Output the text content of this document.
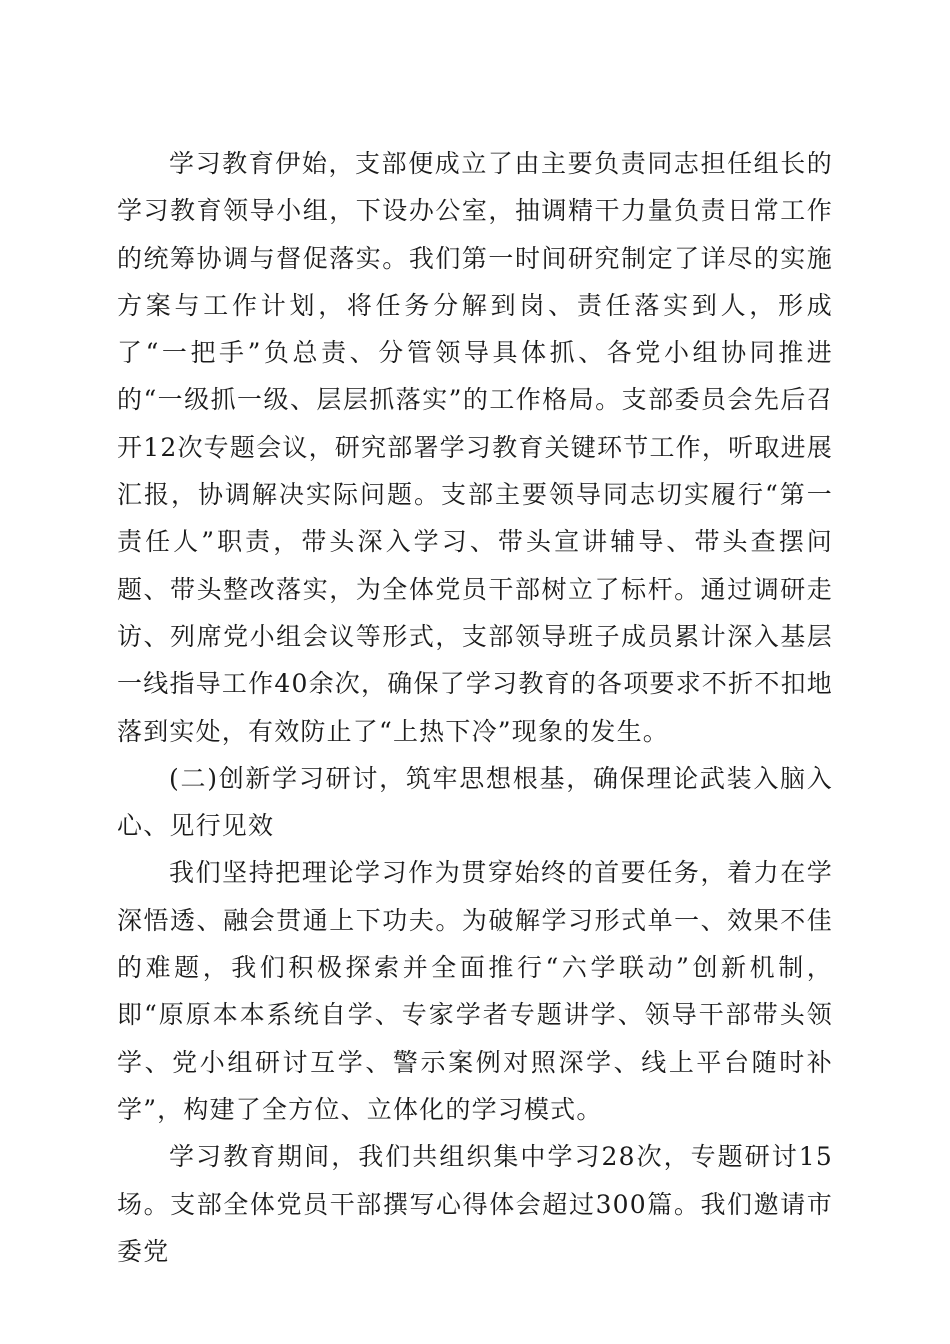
学习教育伊始，支部便成立了由主要负责同志担任组长的学习教育领导小组，下设办公室，抽调精干力量负责日常工作的统筹协调与督促落实。我们第一时间研究制定了详尽的实施方案与工作计划，将任务分解到岗、责任落实到人，形成了“一把手”负总责、分管领导具体抓、各党小组协同推进的“一级抓一级、层层抓落实”的工作格局。支部委员会先后召开12次专题会议，研究部署学习教育关键环节工作，听取进展汇报，协调解决实际问题。支部主要领导同志切实履行“第一责任人”职责，带头深入学习、带头宣讲辅导、带头查摆问题、带头整改落实，为全体党员干部树立了标杆。通过调研走访、列席党小组会议等形式，支部领导班子成员累计深入基层一线指导工作40余次，确保了学习教育的各项要求不折不扣地落到实处，有效防止了“上热下冷”现象的发生。

(二)创新学习研讨，筑牢思想根基，确保理论武装入脑入心、见行见效

我们坚持把理论学习作为贯穿始终的首要任务，着力在学深悟透、融会贯通上下功夫。为破解学习形式单一、效果不佳的难题，我们积极探索并全面推行“六学联动”创新机制，即“原原本本系统自学、专家学者专题讲学、领导干部带头领学、党小组研讨互学、警示案例对照深学、线上平台随时补学”，构建了全方位、立体化的学习模式。

学习教育期间，我们共组织集中学习28次，专题研讨15场。支部全体党员干部撰写心得体会超过300篇。我们邀请市委党
